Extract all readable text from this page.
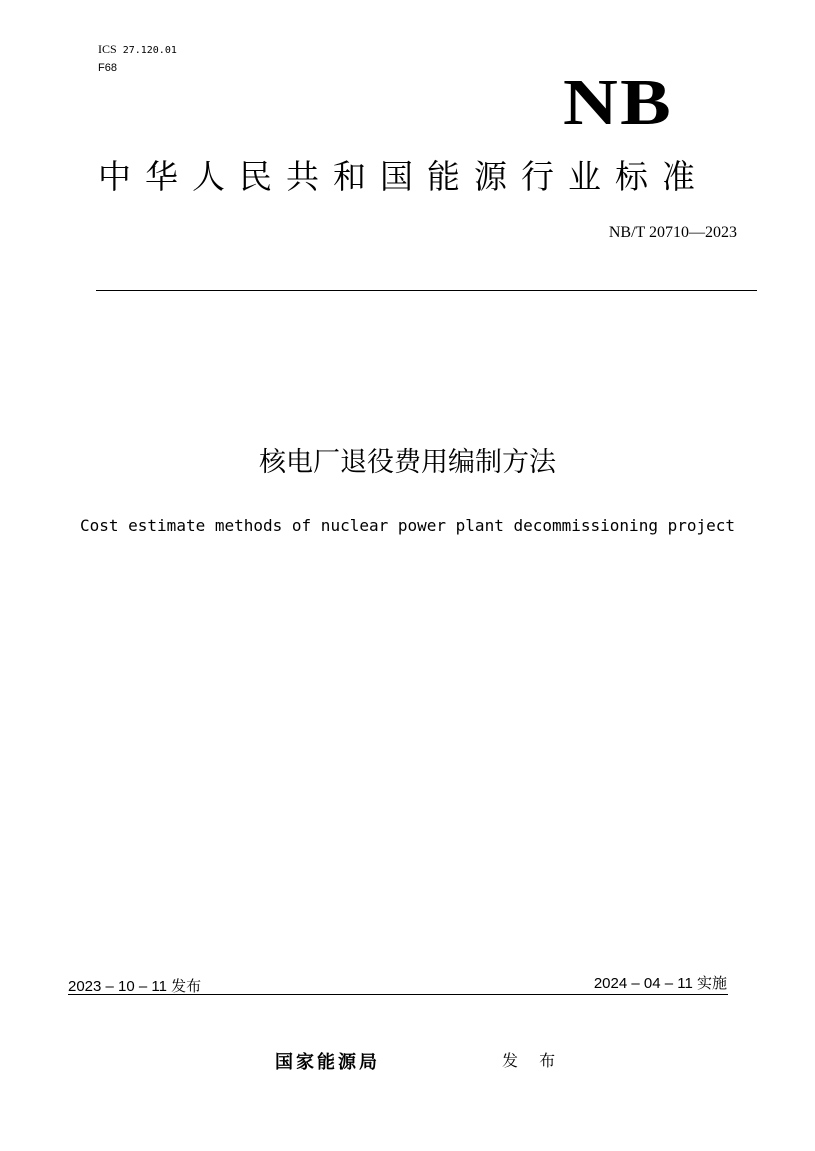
ICS 27.120.01
F68	NB
中华人民共和国能源行业标准
NB/T 20710—2023
核电厂退役费用编制方法
Cost estimate methods of nuclear power plant decommissioning project
2023 – 10 – 11 发布	2024 – 04 – 11 实施
国家能源局	发 布
